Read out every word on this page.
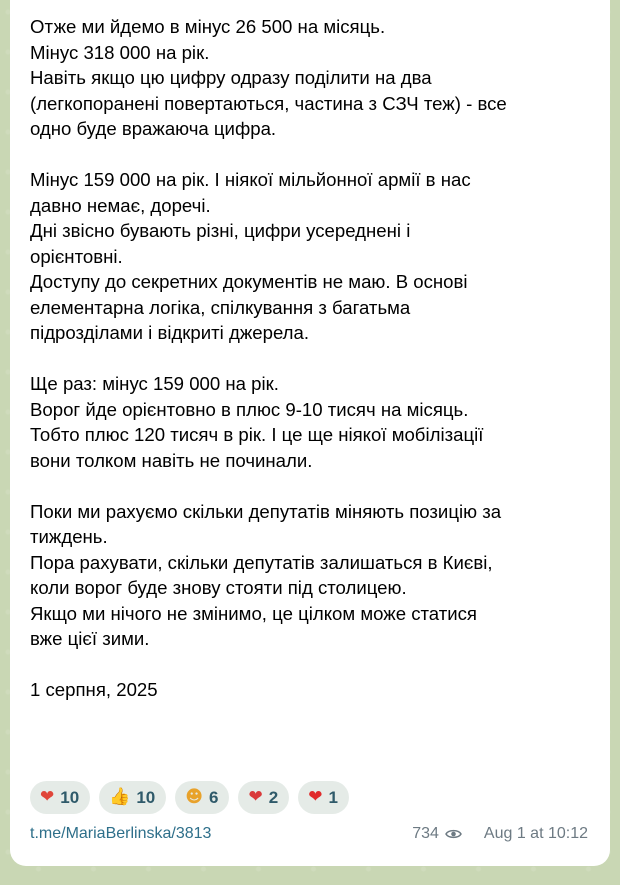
Отже ми йдемо в мінус 26 500 на місяць.
Мінус 318 000 на рік.
Навіть якщо цю цифру одразу поділити на два
(легкопоранені повертаються, частина з СЗЧ теж) - все
одно буде вражаюча цифра.
Мінус 159 000 на рік. І ніякої мільйонної армії в нас
давно немає, доречі.
Дні звісно бувають різні, цифри усереднені і
орієнтовні.
Доступу до секретних документів не маю. В основі
елементарна логіка, спілкування з багатьма
підрозділами і відкриті джерела.
Ще раз: мінус 159 000 на рік.
Ворог йде орієнтовно в плюс 9-10 тисяч на місяць.
Тобто плюс 120 тисяч в рік. І це ще ніякої мобілізації
вони толком навіть не починали.
Поки ми рахуємо скільки депутатів міняють позицію за
тиждень.
Пора рахувати, скільки депутатів залишаться в Києві,
коли ворог буде знову стояти під столицею.
Якщо ми нічого не змінимо, це цілком може статися
вже цієї зими.
1 серпня, 2025
❤ 10 👍 10 ☻ 6 ❤ 2 ❤ 1
t.me/MariaBerlinska/3813	734	Aug 1 at 10:12
